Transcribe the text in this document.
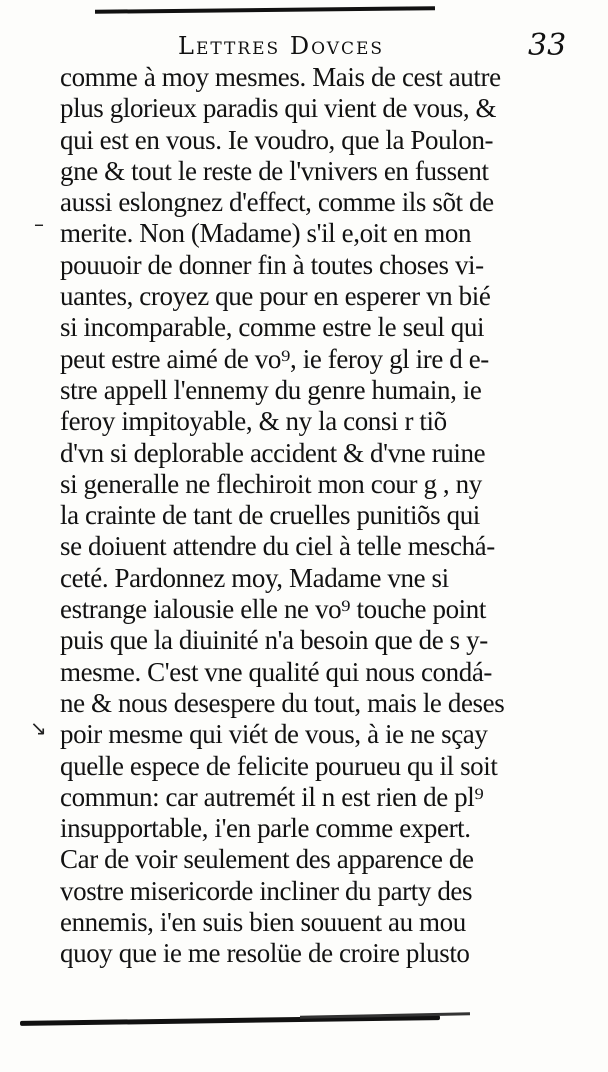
Lettres Dovces	33
–
↘
comme à moy mesmes. Mais de cest autre
plus glorieux paradis qui vient de vous, &
qui est en vous. Ie voudro, que la Poulon-
gne & tout le reste de l'vnivers en fussent
aussi eslongnez d'effect, comme ils sõt de
merite. Non (Madame) s'il e,oit en mon
pouuoir de donner fin à toutes choses vi-
uantes, croyez que pour en esperer vn bié
si incomparable, comme estre le seul qui
peut estre aimé de vo⁹, ie feroy gl ire d e-
stre appell l'ennemy du genre humain, ie
feroy impitoyable, & ny la consi r tiõ
d'vn si deplorable accident & d'vne ruine
si generalle ne flechiroit mon cour g , ny
la crainte de tant de cruelles punitiõs qui
se doiuent attendre du ciel à telle meschá-
ceté. Pardonnez moy, Madame vne si
estrange ialousie elle ne vo⁹ touche point
puis que la diuinité n'a besoin que de s y-
mesme. C'est vne qualité qui nous condá-
ne & nous desespere du tout, mais le deses
poir mesme qui viét de vous, à ie ne sçay
quelle espece de felicite pourueu qu il soit
commun: car autremét il n est rien de pl⁹
insupportable, i'en parle comme expert.
Car de voir seulement des apparence de
vostre misericorde incliner du party des
ennemis, i'en suis bien souuent au mou
quoy que ie me resolüe de croire plusto
